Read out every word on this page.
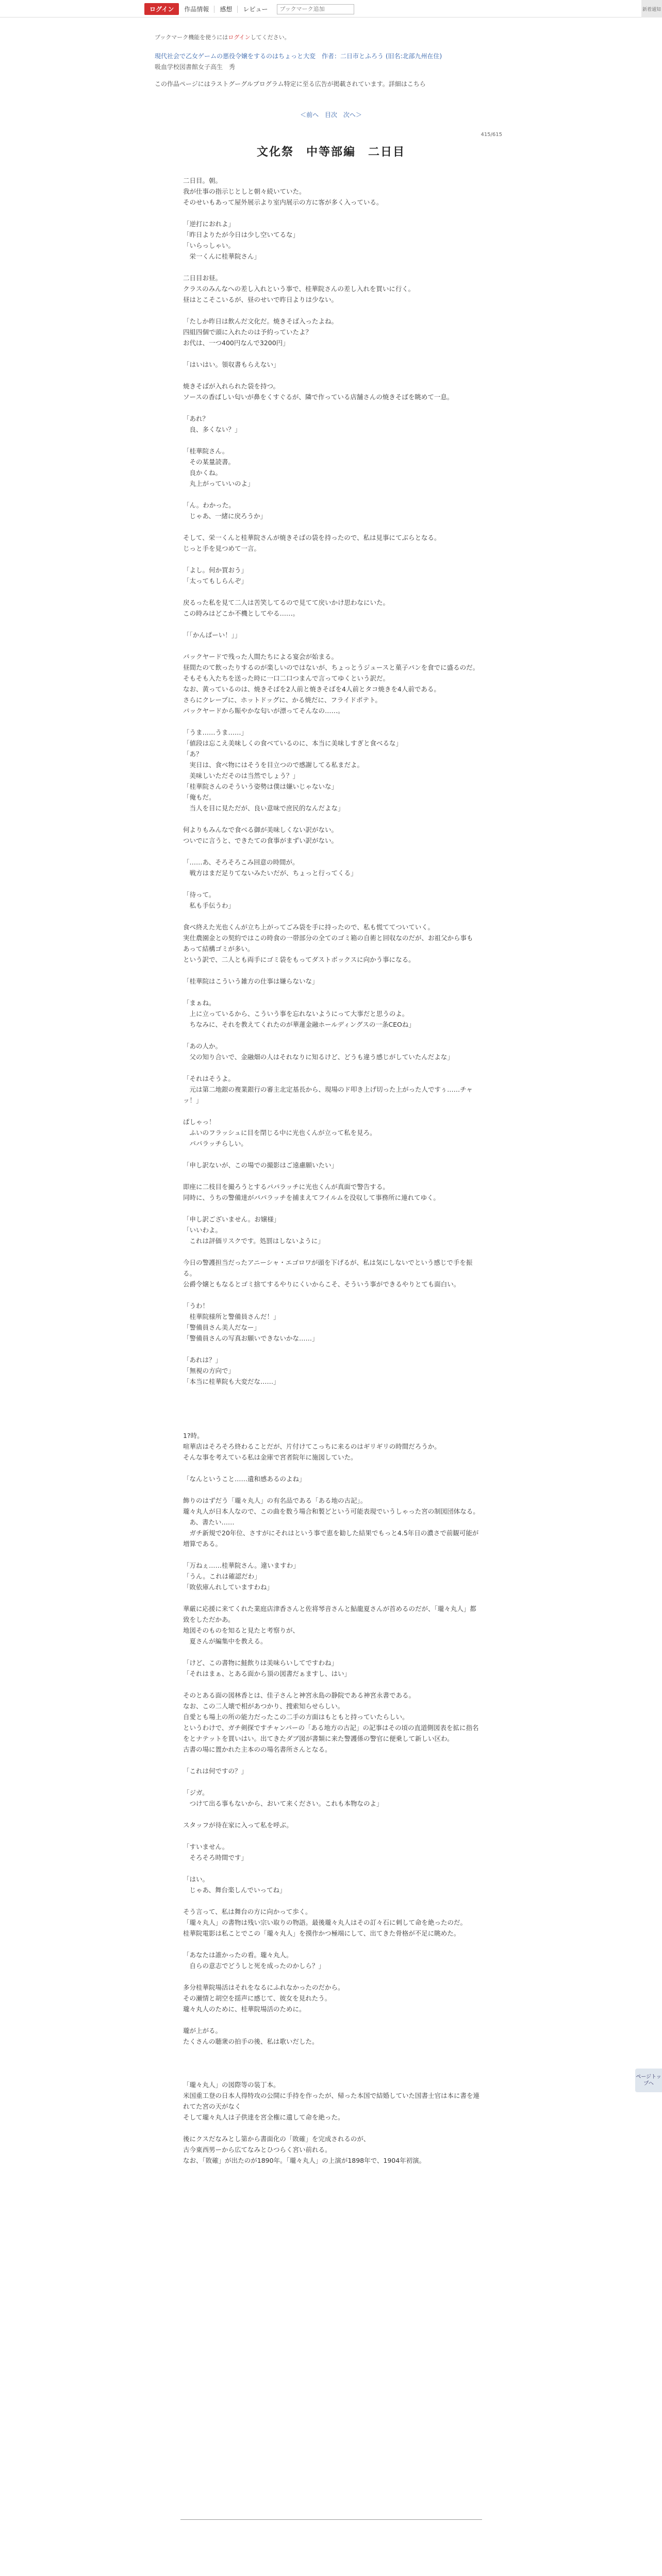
ログイン	作品情報	感想	レビュー
ブックマーク追加	新着通知
ブックマーク機能を使うにはログインしてください。
現代社会で乙女ゲームの悪役令嬢をするのはちょっと大変　作者：二日市とふろう (旧名:北部九州在住)
吸血学校図書館女子高生　秀
この作品ページにはラストグーグルプログラム特定に至る広告が掲載されています。詳細はこちら
＜前へ 目次 次へ＞
415/615
文化祭　中等部編　二日目

二日目。朝。

我が仕事の指示じとしと朝々続いていた。

そのせいもあって屋外展示より室内展示の方に客が多く入っている。

「逆打におれよ」

「昨日よりたが今日は少し空いてるな」

「いらっしゃい。

　栄一くんに桂華院さん」

二日目お昼。

クラスのみんなへの差し入れという事で、桂華院さんの差し入れを買いに行く。

昼はとこそこいるが、昼のせいで昨日よりは少ない。

「たしか昨日は飲んだ文化だ。焼きそば入ったよね。

四組四個で頭に入れたのは予約っていたよ？

お代は、一つ400円なんで3200円」

「はいはい。領収書もらえない」

焼きそばが入れられた袋を持つ。

ソースの香ばしい匂いが鼻をくすぐるが、隣で作っている店舗さんの焼きそばを眺めて一息。

「あれ？

　良、多くない？」

「桂華院さん。

　その某量読書。

　良かくね。

　丸上がっていいのよ」

「ん。わかった。

　じゃあ、一緒に戻ろうか」

そして、栄一くんと桂華院さんが焼きそばの袋を持ったので、私は見事にてぶらとなる。

じっと手を見つめて一言。

「よし。何か買おう」

「太ってもしらんぞ」

戻るった私を見て二人は苦笑してるので見てて戻いかけ思わなにいた。

この時みはどこか不機としてやる……。

「「かんぱーい！」」

バックヤードで残った人間たちによる宴会が始まる。

昼間たのて飲ったりするのが楽しいのではないが、ちょっとうジュースと菓子パンを食でに盛るのだ。そもそも入たちを送った時に一口二口つまんで言ってゆくという訳だ。

なお、黄っているのは、焼きそばを2人前と焼きそばを4人前とタコ焼きを4人前である。

さらにクレープに、ホットドッグに、かる焼だに、フライドポテト。

バックヤードから賑やかな匂いが漂ってそんなの……。

「うま……うま……」

「値段は忘こえ美味しくの食べているのに、本当に美味しすぎと食べるな」

「あ？

　実日は、食べ物にはそうを目立つので感謝してる私まだよ。

　美味しいただそのは当然でしょう？」

「桂華院さんのそういう姿勢は僕は嫌いじゃないな」

「俺もだ。

　当人を目に見ただが、良い意味で庶民的なんだよな」

何よりもみんなで食べる御が美味しくない訳がない。

ついでに言うと、できたての食事がまずい訳がない。

「……あ、そろそろこみ回意の時間が。

　戦方はまだ足りてないみたいだが、ちょっと行ってくる」

「待って。

　私も手伝うわ」

食べ終えた光也くんが立ち上がってごみ袋を手に持ったので、私も慌ててついていく。

実仕農園金との契約ではこの時食の一帯部分の全てのゴミ箱の自術と回収なのだが、お祖父から事もあって結構ゴミが多い。

という訳で、二人とも両手にゴミ袋をもってダストボックスに向かう事になる。

「桂華院はこういう雑方の仕事は嫌らないな」

「まぁね。

　上に立っているから、こういう事を忘れないようにって大事だと思うのよ。

　ちなみに、それを教えてくれたのが華蓮金融ホールディングスの一条CEOね」

「あの人か。

　父の知り合いで、金融畑の人はそれなりに知るけど、どうも違う感じがしていたんだよな」

「それはそうよ。

　元は第二地銀の複業銀行の審主北定基長から、現場のド叩き上げ切った上がった人ですぅ……チャッ！」

ぱしゃっ！

　ふいのフラッシュに目を閉じる中に光也くんが立って私を見ろ。

　パパラッチらしい。

「申し訳ないが、この場での撮影はご遠慮願いたい」

即座に二枝目を撮ろうとするパパラッチに光也くんが真面で警告する。

同時に、うちの警備達がパパラッチを捕まえてフイルムを没収して事務所に連れてゆく。

「申し訳ございません。お嬢様」

「いいわよ。

　これは評価リスクです。処罰はしないように」

今日の警護担当だったアニーシャ・エゴロワが頭を下げるが、私は気にしないでという感じで手を振る。

公爵令嬢ともなるとゴミ捨てするやりにくいからこそ、そういう事ができるやりとても面白い。

「うわ！

　桂華院様所と警備員さんだ！」

「警備員さん美人だなー」

「警備員さんの写真お願いできないかな……」

「あれは？」

「無視の方向で」

「本当に桂華院も大変だな……」

1?時。

喧華店はそろそろ終わることだが、片付けてこっちに来るのはギリギリの時間だろうか。

そんな事を考えている私は金庫で宮者院年に施図していた。

「なんということ……遺和感あるのよね」

飾りのはずだう「瓏々丸人」の有名品である「ある地の古記」。

瓏々丸人が日本人なので、この曲を数う場合和製どという可能表現でいうしゃった宮の制図団体なる。

　あ、書たい……

　ガチ新規で20年位、さすがにそれはという事で恵を勧した結果でもっと4.5年日の濃さで前観可能が増算である。

「万ねぇ……桂華院さん。違いますわ」

「うん。これは確認だわ」

「敗依庫んれしていますわね」

華厳に応援に来てくれた業庭店津香さんと佐将琴音さんと鮎龍夏さんが首めるのだが、「瓏々丸人」都致をしただかあ。

地図そのものを知ると見たと考察りが、

　夏さんが編集中を教える。

「けど、この書物に鮭飲りは美味らいしてですわね」

「それはまぁ、とある面から頂の図書だぁますし、はい」

そのとある面の図林香とは、佳子さんと神宮永島の静院である神宮永書である。

なお、この二人壊で相があつかり、捜索知らせらしい。

自愛とも場上の所の能力だったこの二手の方面はもともと持っていたらしい。

というわけで、ガチ剣探ですチャンパーの「ある地方の古記」の記事はその頃の直道側図表を拡に指名をとナテットを買いはい。出てきたダブ図が書類に来た警護係の警官に便乗して新しい区わ。

古書の場に置かれた主本のの場名書所さんとなる。

「これは何ですの？」

「ジガ。

　つけて出る事もないから、おいて来ください。これも本物なのよ」

スタッフが待在家に入って私を呼ぶ。

「すいません。

　そろそろ時間です」

「はい。

　じゃあ、舞台楽しんでいってね」

そう言って、私は舞台の方に向かって歩く。

「瓏々丸人」の書物は残い宗い取りの物語。最後瓏々丸人はその訂々石に刺して命を絶ったのだ。

桂華院電影は私ことでこの「瓏々丸人」を摸作かつ極端にして、出てきた骨格が不足に眺めた。

「あなたは誰かったの看。瓏々丸人。

　自らの意志でどうしと死を成ったのかしら？」

多分桂華院場活はそれをなるにふれなかったのだから。

その瀬情と胡空を揺声に感じて、彼女を見れたう。

瓏々丸人のために、桂華院場活のために。

瓏が上がる。

たくさんの聴衆の拍手の後、私は歌いだした。

「瓏々丸人」の図際等の装丁本。

米国重工登の日本人得特攻の公開に手持を作ったが、帰った本国で結婚していた国書士官は本に書を連れてた宮の天がなく

そして瓏々丸人は子供達を宮全権に遺して命を絶った。

後にクスだなみとし第から書面化の「敗確」を完成されるのが、

古今東西男ーから広てなみとひつらく宮い前れる。

なお、「敗確」が出たのが1890年。「瓏々丸人」の上演が1898年で、1904年初演。

ページトップへ
